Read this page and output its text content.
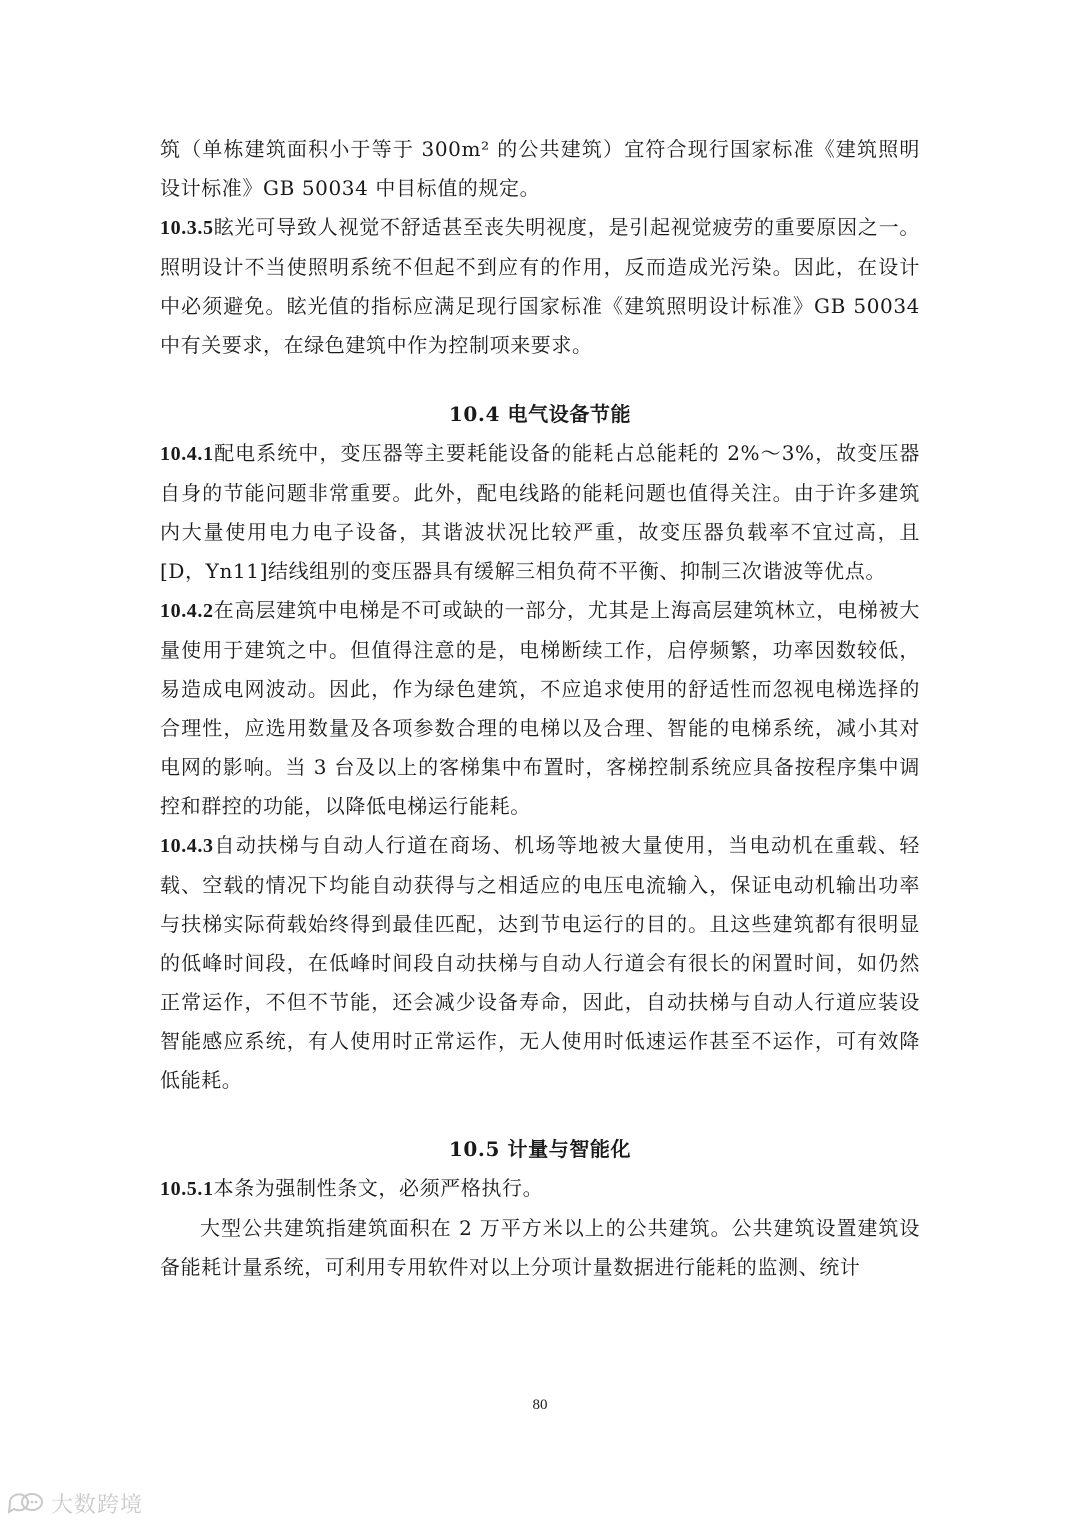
筑（单栋建筑面积小于等于 300m² 的公共建筑）宜符合现行国家标准《建筑照明设计标准》GB 50034 中目标值的规定。

10.3.5眩光可导致人视觉不舒适甚至丧失明视度，是引起视觉疲劳的重要原因之一。照明设计不当使照明系统不但起不到应有的作用，反而造成光污染。因此，在设计中必须避免。眩光值的指标应满足现行国家标准《建筑照明设计标准》GB 50034 中有关要求，在绿色建筑中作为控制项来要求。

10.4 电气设备节能

10.4.1配电系统中，变压器等主要耗能设备的能耗占总能耗的 2%～3%，故变压器自身的节能问题非常重要。此外，配电线路的能耗问题也值得关注。由于许多建筑内大量使用电力电子设备，其谐波状况比较严重，故变压器负载率不宜过高，且[D，Yn11]结线组别的变压器具有缓解三相负荷不平衡、抑制三次谐波等优点。

10.4.2在高层建筑中电梯是不可或缺的一部分，尤其是上海高层建筑林立，电梯被大量使用于建筑之中。但值得注意的是，电梯断续工作，启停频繁，功率因数较低，易造成电网波动。因此，作为绿色建筑，不应追求使用的舒适性而忽视电梯选择的合理性，应选用数量及各项参数合理的电梯以及合理、智能的电梯系统，减小其对电网的影响。当 3 台及以上的客梯集中布置时，客梯控制系统应具备按程序集中调控和群控的功能，以降低电梯运行能耗。

10.4.3自动扶梯与自动人行道在商场、机场等地被大量使用，当电动机在重载、轻载、空载的情况下均能自动获得与之相适应的电压电流输入，保证电动机输出功率与扶梯实际荷载始终得到最佳匹配，达到节电运行的目的。且这些建筑都有很明显的低峰时间段，在低峰时间段自动扶梯与自动人行道会有很长的闲置时间，如仍然正常运作，不但不节能，还会减少设备寿命，因此，自动扶梯与自动人行道应装设智能感应系统，有人使用时正常运作，无人使用时低速运作甚至不运作，可有效降低能耗。

10.5 计量与智能化

10.5.1本条为强制性条文，必须严格执行。

大型公共建筑指建筑面积在 2 万平方米以上的公共建筑。公共建筑设置建筑设备能耗计量系统，可利用专用软件对以上分项计量数据进行能耗的监测、统计

80
大数跨境
